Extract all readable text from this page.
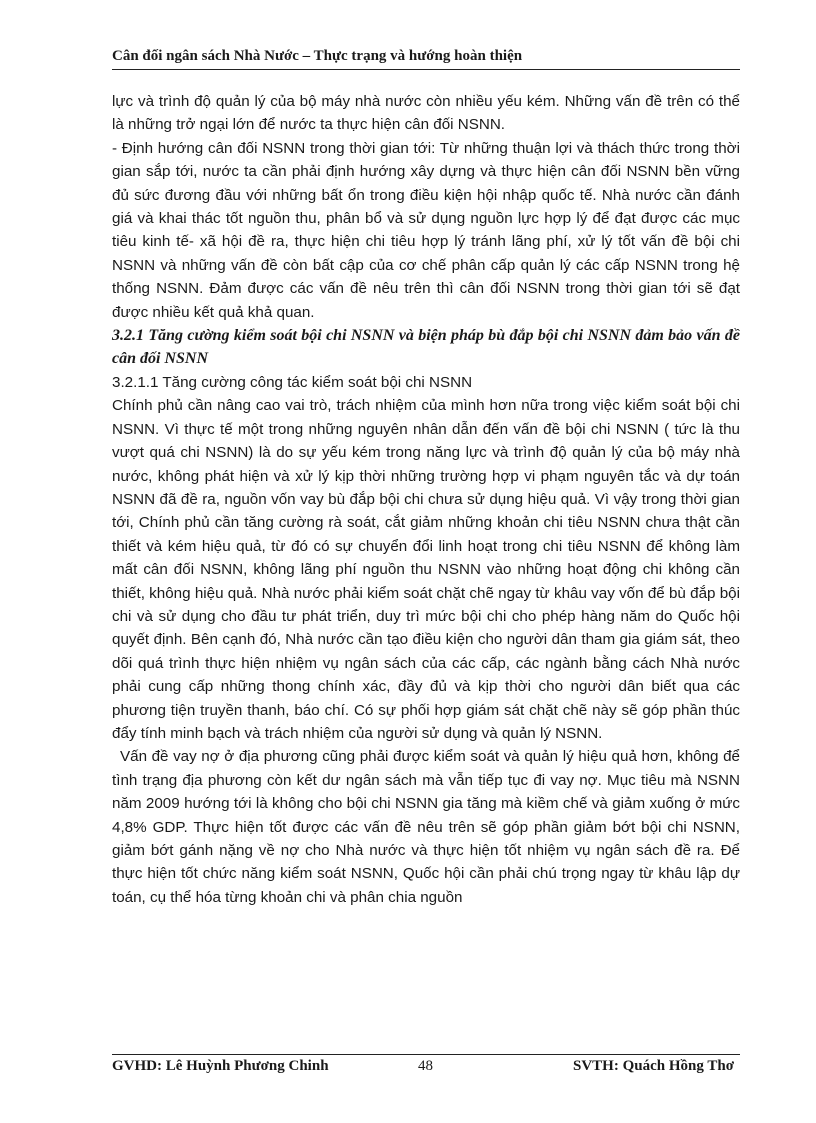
Cân đối ngân sách Nhà Nước – Thực trạng và hướng hoàn thiện

lực và trình độ quản lý của bộ máy nhà nước còn nhiều yếu kém. Những vấn đề trên có thể là những trở ngại lớn để nước ta thực hiện cân đối NSNN.

- Định hướng cân đối NSNN trong thời gian tới: Từ những thuận lợi và thách thức trong thời gian sắp tới, nước ta cần phải định hướng xây dựng và thực hiện cân đối NSNN bền vững đủ sức đương đầu với những bất ổn trong điều kiện hội nhập quốc tế. Nhà nước cần đánh giá và khai thác tốt nguồn thu, phân bổ và sử dụng nguồn lực hợp lý để đạt được các mục tiêu kinh tế- xã hội đề ra, thực hiện chi tiêu hợp lý tránh lãng phí, xử lý tốt vấn đề bội chi NSNN và những vấn đề còn bất cập của cơ chế phân cấp quản lý các cấp NSNN trong hệ thống NSNN. Đảm được các vấn đề nêu trên thì cân đối NSNN trong thời gian tới sẽ đạt được nhiều kết quả khả quan.

3.2.1 Tăng cường kiểm soát bội chi NSNN và biện pháp bù đắp bội chi NSNN đảm bảo vấn đề cân đối NSNN

3.2.1.1 Tăng cường công tác kiểm soát bội chi NSNN

Chính phủ cần nâng cao vai trò, trách nhiệm của mình hơn nữa trong việc kiểm soát bội chi NSNN. Vì thực tế một trong những nguyên nhân dẫn đến vấn đề bội chi NSNN ( tức là thu vượt quá chi NSNN) là do sự yếu kém trong năng lực và trình độ quản lý của bộ máy nhà nước, không phát hiện và xử lý kịp thời những trường hợp vi phạm nguyên tắc và dự toán NSNN đã đề ra, nguồn vốn vay bù đắp bội chi chưa sử dụng hiệu quả. Vì vậy trong thời gian tới, Chính phủ cần tăng cường rà soát, cắt giảm những khoản chi tiêu NSNN chưa thật cần thiết và kém hiệu quả, từ đó có sự chuyển đổi linh hoạt trong chi tiêu NSNN để không làm mất cân đối NSNN, không lãng phí nguồn thu NSNN vào những hoạt động chi không cần thiết, không hiệu quả. Nhà nước phải kiểm soát chặt chẽ ngay từ khâu vay vốn để bù đắp bội chi và sử dụng cho đầu tư phát triển, duy trì mức bội chi cho phép hàng năm do Quốc hội quyết định. Bên cạnh đó, Nhà nước cần tạo điều kiện cho người dân tham gia giám sát, theo dõi quá trình thực hiện nhiệm vụ ngân sách của các cấp, các ngành bằng cách Nhà nước phải cung cấp những thong chính xác, đầy đủ và kịp thời cho người dân biết qua các phương tiện truyền thanh, báo chí. Có sự phối hợp giám sát chặt chẽ này sẽ góp phần thúc đẩy tính minh bạch và trách nhiệm của người sử dụng và quản lý NSNN.

Vấn đề vay nợ ở địa phương cũng phải được kiểm soát và quản lý hiệu quả hơn, không để tình trạng địa phương còn kết dư ngân sách mà vẫn tiếp tục đi vay nợ. Mục tiêu mà NSNN năm 2009 hướng tới là không cho bội chi NSNN gia tăng mà kiềm chế và giảm xuống ở mức 4,8% GDP. Thực hiện tốt được các vấn đề nêu trên sẽ góp phần giảm bớt bội chi NSNN, giảm bớt gánh nặng về nợ cho Nhà nước và thực hiện tốt nhiệm vụ ngân sách đề ra. Để thực hiện tốt chức năng kiểm soát NSNN, Quốc hội cần phải chú trọng ngay từ khâu lập dự toán, cụ thể hóa từng khoản chi và phân chia nguồn

GVHD: Lê Huỳnh Phương Chinh	48	SVTH: Quách Hồng Thơ
